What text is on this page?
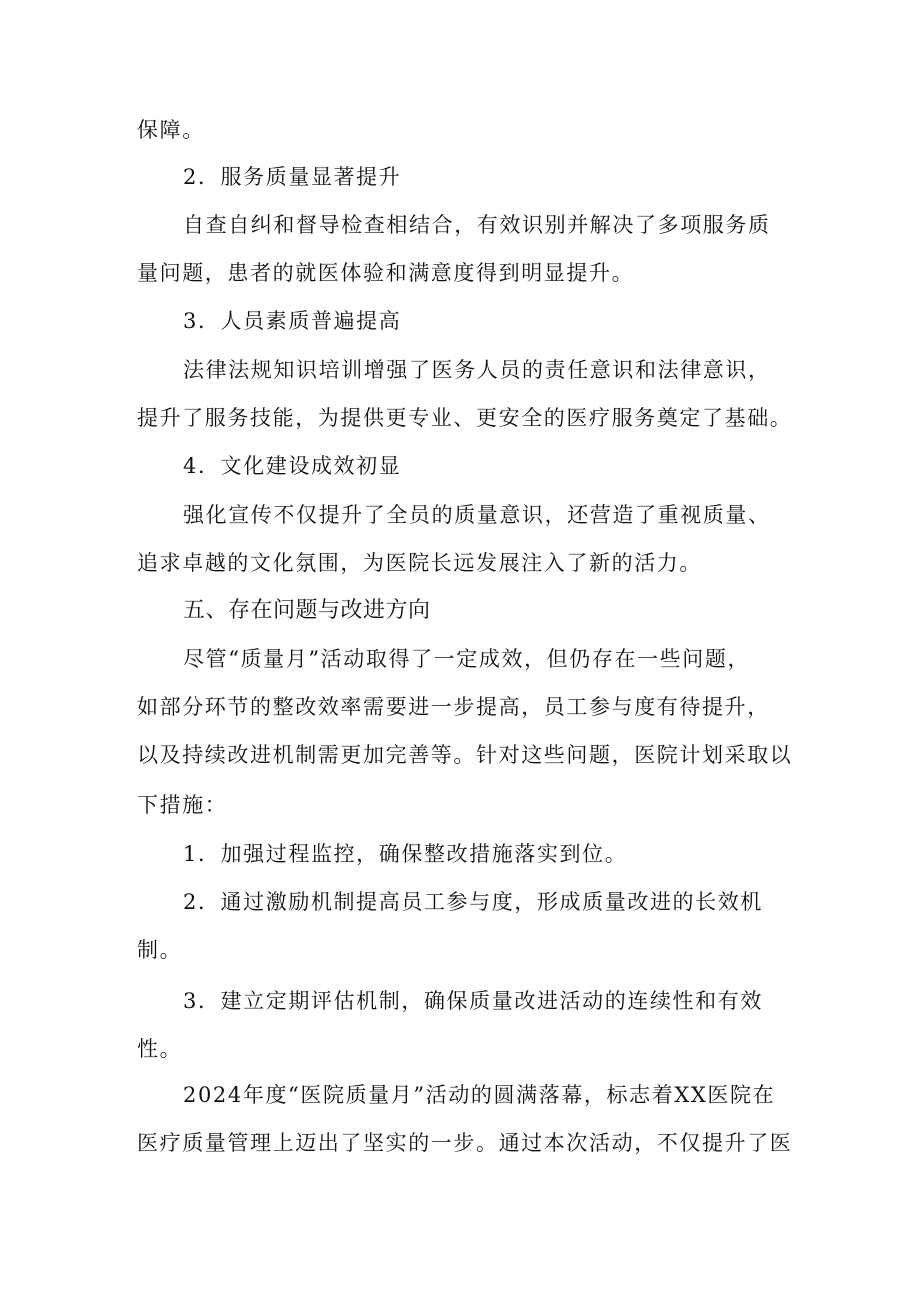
保障。
2．服务质量显著提升
自查自纠和督导检查相结合，有效识别并解决了多项服务质
量问题，患者的就医体验和满意度得到明显提升。
3．人员素质普遍提高
法律法规知识培训增强了医务人员的责任意识和法律意识，
提升了服务技能，为提供更专业、更安全的医疗服务奠定了基础。
4．文化建设成效初显
强化宣传不仅提升了全员的质量意识，还营造了重视质量、
追求卓越的文化氛围，为医院长远发展注入了新的活力。
五、存在问题与改进方向
尽管“质量月”活动取得了一定成效，但仍存在一些问题，
如部分环节的整改效率需要进一步提高，员工参与度有待提升，
以及持续改进机制需更加完善等。针对这些问题，医院计划采取以
下措施：
1．加强过程监控，确保整改措施落实到位。
2．通过激励机制提高员工参与度，形成质量改进的长效机
制。
3．建立定期评估机制，确保质量改进活动的连续性和有效
性。
2024年度“医院质量月”活动的圆满落幕，标志着XX医院在
医疗质量管理上迈出了坚实的一步。通过本次活动，不仅提升了医
